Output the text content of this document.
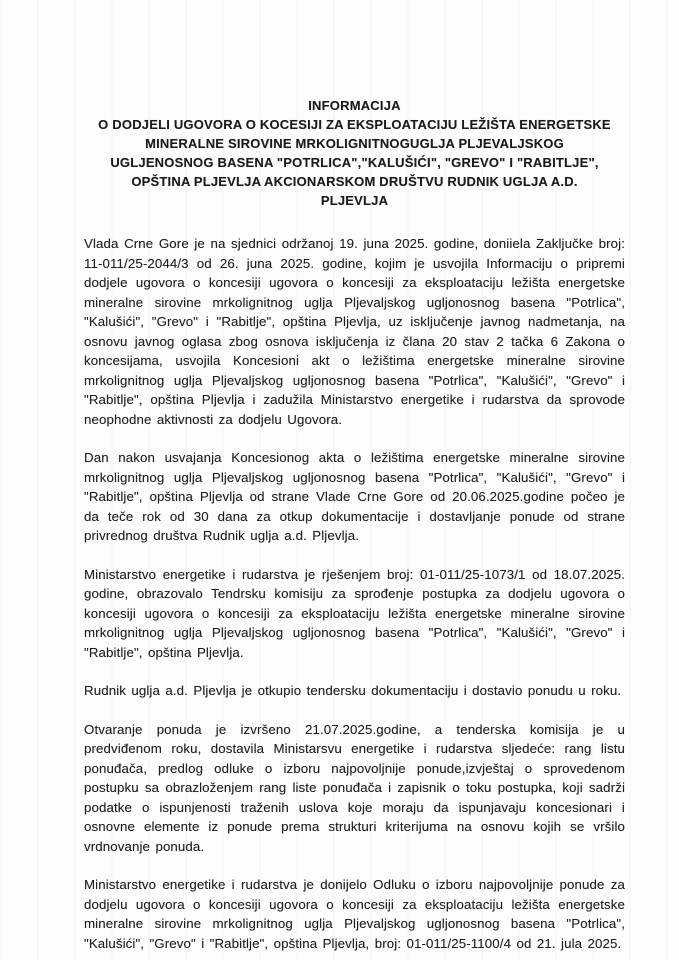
INFORMACIJA
O DODJELI UGOVORA O KOCESIJI ZA EKSPLOATACIJU LEŽIŠTA ENERGETSKE
MINERALNE SIROVINE MRKOLIGNITNOGUGLJA PLJEVALJSKOG
UGLJENOSNOG BASENA "POTRLICA","KALUŠIĆI", "GREVO" I "RABITLJE",
OPŠTINA PLJEVLJA AKCIONARSKOM DRUŠTVU RUDNIK UGLJA A.D.
PLJEVLJA

Vlada Crne Gore je na sjednici održanoj 19. juna 2025. godine, doniiela Zaključke broj: 11-011/25-2044/3 od 26. juna 2025. godine, kojim je usvojila Informaciju o pripremi dodjele ugovora o koncesiji ugovora o koncesiji za eksploataciju ležišta energetske mineralne sirovine mrkolignitnog uglja Pljevaljskog ugljonosnog basena "Potrlica", "Kalušići", "Grevo" i "Rabitlje", opština Pljevlja, uz isključenje javnog nadmetanja, na osnovu javnog oglasa zbog osnova isključenja iz člana 20 stav 2 tačka 6 Zakona o koncesijama, usvojila Koncesioni akt o ležištima energetske mineralne sirovine mrkolignitnog uglja Pljevaljskog ugljonosnog basena "Potrlica", "Kalušići", "Grevo" i "Rabitlje", opština Pljevlja i zadužila Ministarstvo energetike i rudarstva da sprovode neophodne aktivnosti za dodjelu Ugovora.

Dan nakon usvajanja Koncesionog akta o ležištima energetske mineralne sirovine mrkolignitnog uglja Pljevaljskog ugljonosnog basena "Potrlica", "Kalušići", "Grevo" i "Rabitlje", opština Pljevlja od strane Vlade Crne Gore od 20.06.2025.godine počeo je da teče rok od 30 dana za otkup dokumentacije i dostavljanje ponude od strane privrednog društva Rudnik uglja a.d. Pljevlja.

Ministarstvo energetike i rudarstva je rješenjem broj: 01-011/25-1073/1 od 18.07.2025. godine, obrazovalo Tendrsku komisiju za sprođenje postupka za dodjelu ugovora o koncesiji ugovora o koncesiji za eksploataciju ležišta energetske mineralne sirovine mrkolignitnog uglja Pljevaljskog ugljonosnog basena "Potrlica", "Kalušići", "Grevo" i "Rabitlje", opština Pljevlja.

Rudnik uglja a.d. Pljevlja je otkupio tendersku dokumentaciju i dostavio ponudu u roku.

Otvaranje ponuda je izvršeno 21.07.2025.godine, a tenderska komisija je u predviđenom roku, dostavila Ministarsvu energetike i rudarstva sljedeće: rang listu ponuđača, predlog odluke o izboru najpovoljnije ponude,izvještaj o sprovedenom postupku sa obrazloženjem rang liste ponuđača i zapisnik o toku postupka, koji sadrži podatke o ispunjenosti traženih uslova koje moraju da ispunjavaju koncesionari i osnovne elemente iz ponude prema strukturi kriterijuma na osnovu kojih se vršilo vrdnovanje ponuda.

Ministarstvo energetike i rudarstva je donijelo Odluku o izboru najpovoljnije ponude za dodjelu ugovora o koncesiji ugovora o koncesiji za eksploataciju ležišta energetske mineralne sirovine mrkolignitnog uglja Pljevaljskog ugljonosnog basena "Potrlica", "Kalušići", "Grevo" i "Rabitlje", opština Pljevlja, broj: 01-011/25-1100/4 od 21. jula 2025.
